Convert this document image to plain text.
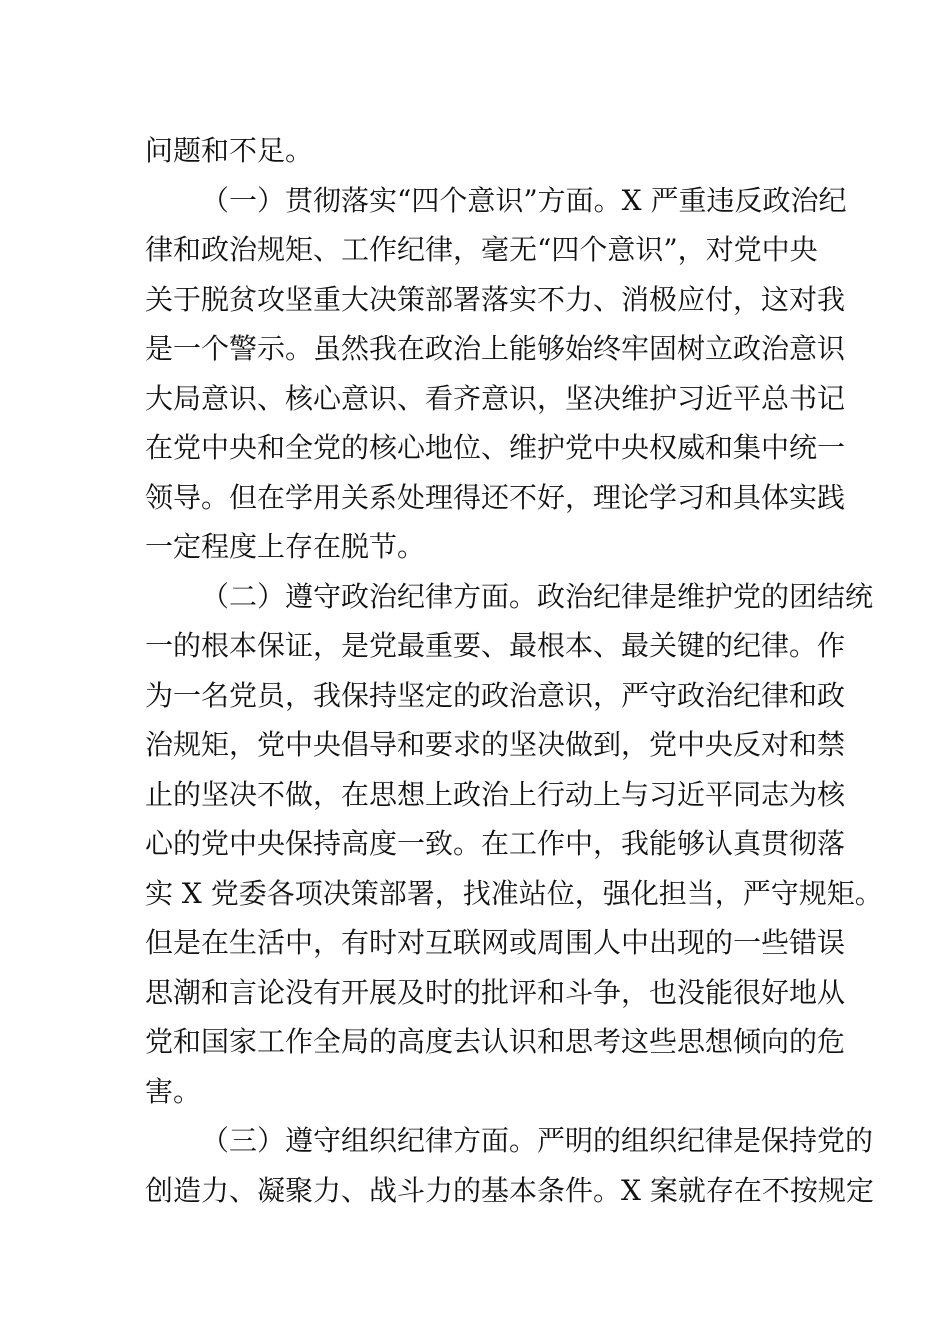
问题和不足。
（一）贯彻落实“四个意识”方面。X 严重违反政治纪
律和政治规矩、工作纪律，毫无“四个意识”，对党中央
关于脱贫攻坚重大决策部署落实不力、消极应付，这对我
是一个警示。虽然我在政治上能够始终牢固树立政治意识
大局意识、核心意识、看齐意识，坚决维护习近平总书记
在党中央和全党的核心地位、维护党中央权威和集中统一
领导。但在学用关系处理得还不好，理论学习和具体实践
一定程度上存在脱节。
（二）遵守政治纪律方面。政治纪律是维护党的团结统
一的根本保证，是党最重要、最根本、最关键的纪律。作
为一名党员，我保持坚定的政治意识，严守政治纪律和政
治规矩，党中央倡导和要求的坚决做到，党中央反对和禁
止的坚决不做，在思想上政治上行动上与习近平同志为核
心的党中央保持高度一致。在工作中，我能够认真贯彻落
实 X 党委各项决策部署，找准站位，强化担当，严守规矩。
但是在生活中，有时对互联网或周围人中出现的一些错误
思潮和言论没有开展及时的批评和斗争，也没能很好地从
党和国家工作全局的高度去认识和思考这些思想倾向的危
害。
（三）遵守组织纪律方面。严明的组织纪律是保持党的
创造力、凝聚力、战斗力的基本条件。X 案就存在不按规定
